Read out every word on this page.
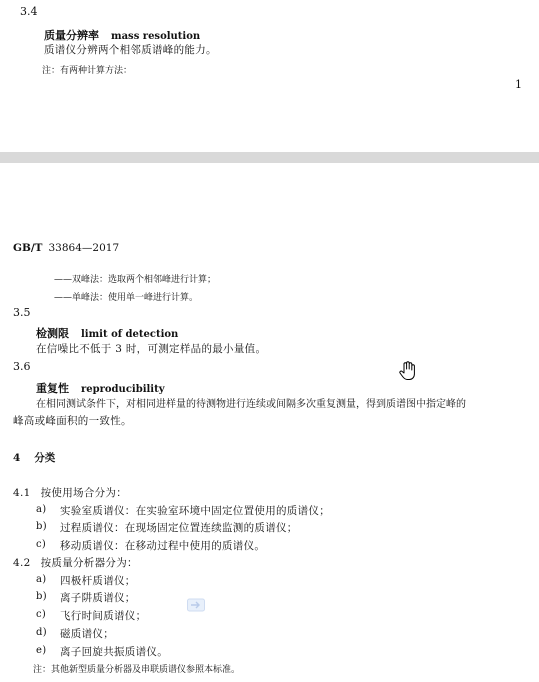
3.4
质量分辨率 mass resolution
质谱仪分辨两个相邻质谱峰的能力。
注：有两种计算方法：
1
GB/T 33864—2017
——双峰法：选取两个相邻峰进行计算；
——单峰法：使用单一峰进行计算。
3.5
检测限 limit of detection
在信噪比不低于 3 时，可测定样品的最小量值。
3.6
重复性 reproducibility
在相同测试条件下，对相同进样量的待测物进行连续或间隔多次重复测量，得到质谱图中指定峰的
峰高或峰面积的一致性。
4 分类
4.1 按使用场合分为：
a) 实验室质谱仪：在实验室环境中固定位置使用的质谱仪；
b) 过程质谱仪：在现场固定位置连续监测的质谱仪；
c) 移动质谱仪：在移动过程中使用的质谱仪。
4.2 按质量分析器分为：
a) 四极杆质谱仪；
b) 离子阱质谱仪；
c) 飞行时间质谱仪；
d) 磁质谱仪；
e) 离子回旋共振质谱仪。
注：其他新型质量分析器及串联质谱仪参照本标准。
